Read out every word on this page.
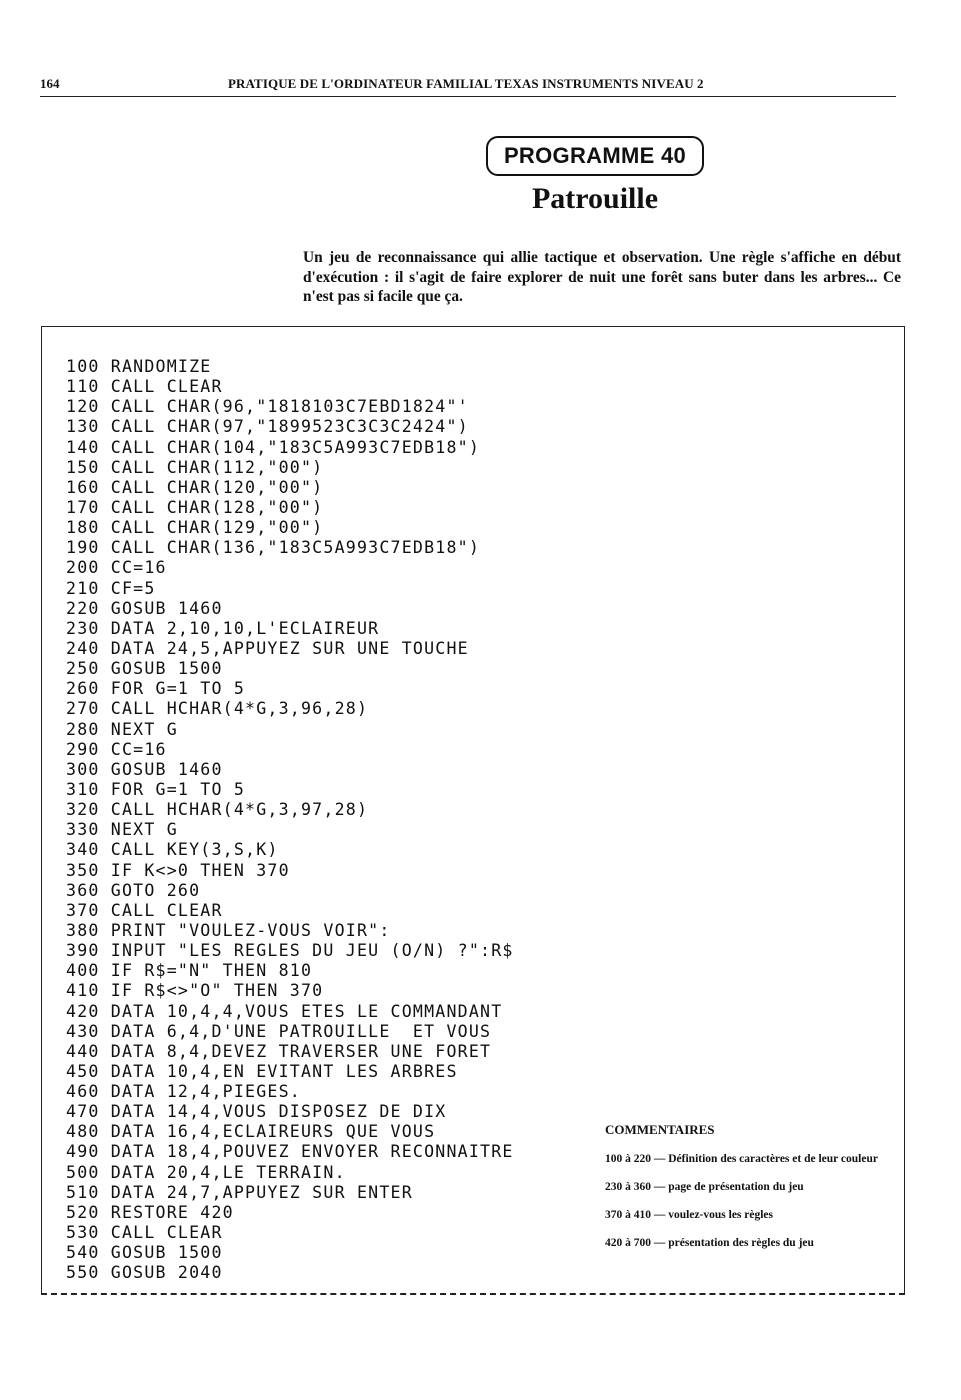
164	PRATIQUE DE L'ORDINATEUR FAMILIAL TEXAS INSTRUMENTS NIVEAU 2
PROGRAMME 40
Patrouille
Un jeu de reconnaissance qui allie tactique et observation. Une règle s'affiche en début d'exécution : il s'agit de faire explorer de nuit une forêt sans buter dans les arbres... Ce n'est pas si facile que ça.
100 RANDOMIZE
110 CALL CLEAR
120 CALL CHAR(96,"1818103C7EBD1824"'
130 CALL CHAR(97,"1899523C3C3C2424")
140 CALL CHAR(104,"183C5A993C7EDB18")
150 CALL CHAR(112,"00")
160 CALL CHAR(120,"00")
170 CALL CHAR(128,"00")
180 CALL CHAR(129,"00")
190 CALL CHAR(136,"183C5A993C7EDB18")
200 CC=16
210 CF=5
220 GOSUB 1460
230 DATA 2,10,10,L'ECLAIREUR
240 DATA 24,5,APPUYEZ SUR UNE TOUCHE
250 GOSUB 1500
260 FOR G=1 TO 5
270 CALL HCHAR(4*G,3,96,28)
280 NEXT G
290 CC=16
300 GOSUB 1460
310 FOR G=1 TO 5
320 CALL HCHAR(4*G,3,97,28)
330 NEXT G
340 CALL KEY(3,S,K)
350 IF K<>0 THEN 370
360 GOTO 260
370 CALL CLEAR
380 PRINT "VOULEZ-VOUS VOIR":
390 INPUT "LES REGLES DU JEU (O/N) ?":R$
400 IF R$="N" THEN 810
410 IF R$<>"O" THEN 370
420 DATA 10,4,4,VOUS ETES LE COMMANDANT
430 DATA 6,4,D'UNE PATROUILLE  ET VOUS
440 DATA 8,4,DEVEZ TRAVERSER UNE FORET
450 DATA 10,4,EN EVITANT LES ARBRES
460 DATA 12,4,PIEGES.
470 DATA 14,4,VOUS DISPOSEZ DE DIX
480 DATA 16,4,ECLAIREURS QUE VOUS
490 DATA 18,4,POUVEZ ENVOYER RECONNAITRE
500 DATA 20,4,LE TERRAIN.
510 DATA 24,7,APPUYEZ SUR ENTER
520 RESTORE 420
530 CALL CLEAR
540 GOSUB 1500
550 GOSUB 2040
COMMENTAIRES
100 à 220 — Définition des caractères et de leur couleur
230 à 360 — page de présentation du jeu
370 à 410 — voulez-vous les règles
420 à 700 — présentation des règles du jeu
